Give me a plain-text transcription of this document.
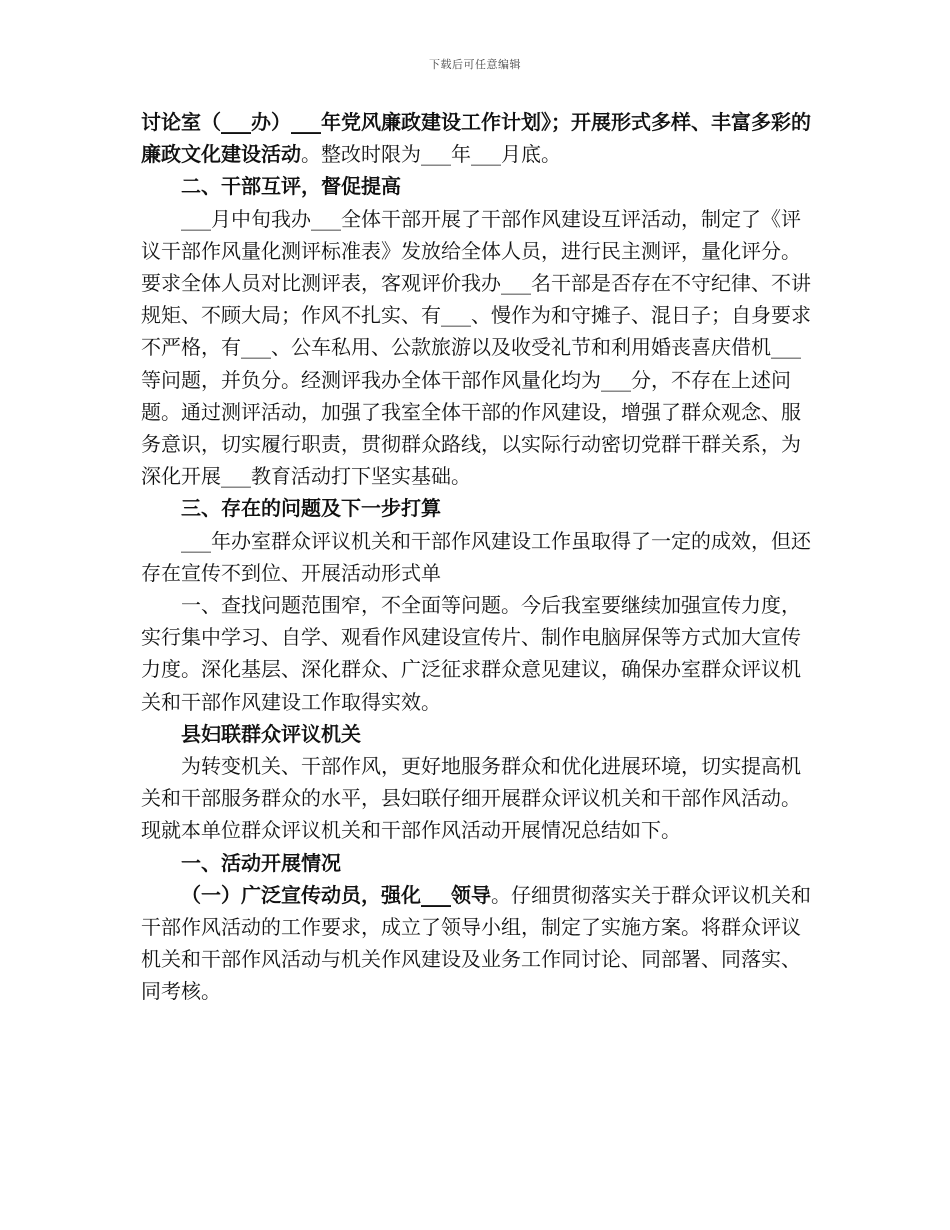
下载后可任意编辑

讨论室（___办）___年党风廉政建设工作计划》；开展形式多样、丰富多彩的廉政文化建设活动。整改时限为___年___月底。

二、干部互评，督促提高

___月中旬我办___全体干部开展了干部作风建设互评活动，制定了《评议干部作风量化测评标准表》发放给全体人员，进行民主测评，量化评分。要求全体人员对比测评表，客观评价我办___名干部是否存在不守纪律、不讲规矩、不顾大局；作风不扎实、有___、慢作为和守摊子、混日子；自身要求不严格，有___、公车私用、公款旅游以及收受礼节和利用婚丧喜庆借机___等问题，并负分。经测评我办全体干部作风量化均为___分，不存在上述问题。通过测评活动，加强了我室全体干部的作风建设，增强了群众观念、服务意识，切实履行职责，贯彻群众路线，以实际行动密切党群干群关系，为深化开展___教育活动打下坚实基础。

三、存在的问题及下一步打算

___年办室群众评议机关和干部作风建设工作虽取得了一定的成效，但还存在宣传不到位、开展活动形式单

一、查找问题范围窄，不全面等问题。今后我室要继续加强宣传力度，实行集中学习、自学、观看作风建设宣传片、制作电脑屏保等方式加大宣传力度。深化基层、深化群众、广泛征求群众意见建议，确保办室群众评议机关和干部作风建设工作取得实效。

县妇联群众评议机关

为转变机关、干部作风，更好地服务群众和优化进展环境，切实提高机关和干部服务群众的水平，县妇联仔细开展群众评议机关和干部作风活动。现就本单位群众评议机关和干部作风活动开展情况总结如下。

一、活动开展情况

（一）广泛宣传动员，强化___领导。仔细贯彻落实关于群众评议机关和干部作风活动的工作要求，成立了领导小组，制定了实施方案。将群众评议机关和干部作风活动与机关作风建设及业务工作同讨论、同部署、同落实、同考核。
